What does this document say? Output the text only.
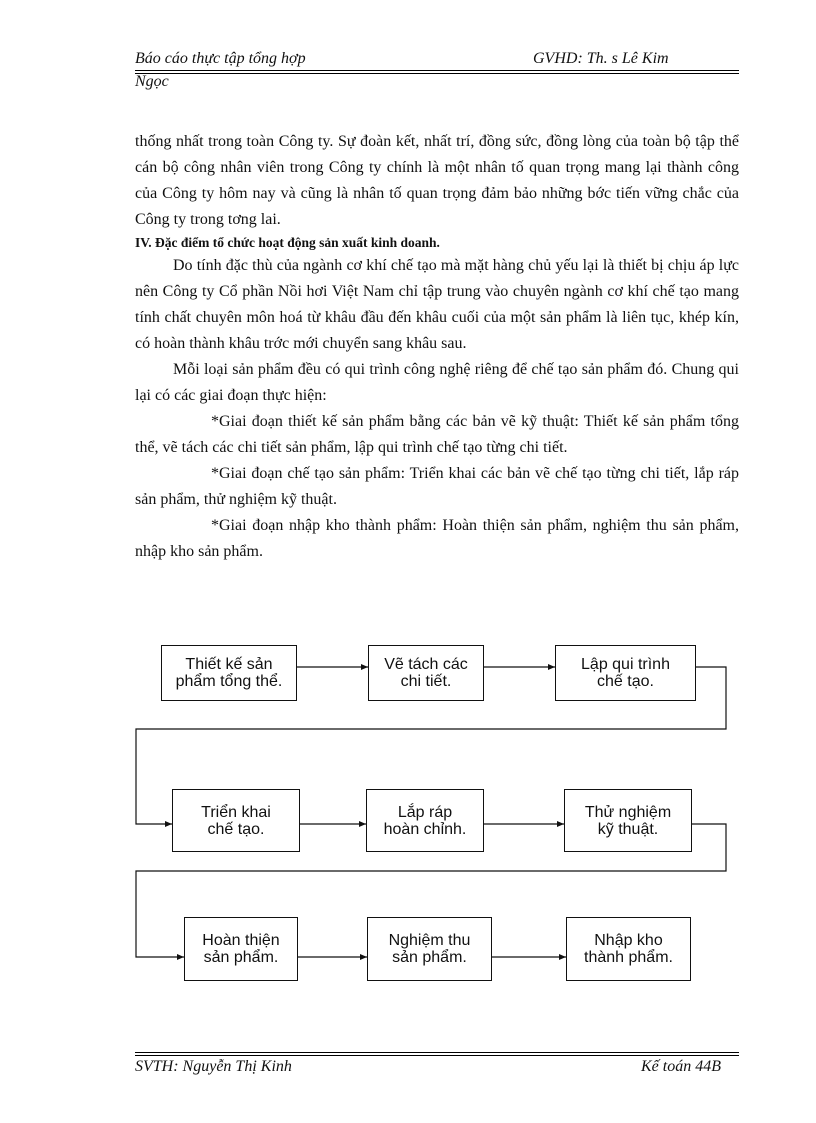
Báo cáo thực tập tổng hợp	GVHD: Th. s Lê Kim
Ngọc

thống nhất trong toàn Công ty. Sự đoàn kết, nhất trí, đồng sức, đồng lòng của toàn bộ tập thể cán bộ công nhân viên trong Công ty chính là một nhân tố quan trọng mang lại thành công của Công ty hôm nay và cũng là nhân tố quan trọng đảm bảo những bớc tiến vững chắc của Công ty trong tơng lai.

IV. Đặc điểm tổ chức hoạt động sản xuất kinh doanh.

Do tính đặc thù của ngành cơ khí chế tạo mà mặt hàng chủ yếu lại là thiết bị chịu áp lực nên Công ty Cổ phần Nồi hơi Việt Nam chỉ tập trung vào chuyên ngành cơ khí chế tạo mang tính chất chuyên môn hoá từ khâu đầu đến khâu cuối của một sản phẩm là liên tục, khép kín, có hoàn thành khâu trớc mới chuyển sang khâu sau.

Mỗi loại sản phẩm đều có qui trình công nghệ riêng để chế tạo sản phẩm đó. Chung qui lại có các giai đoạn thực hiện:

*Giai đoạn thiết kế sản phẩm bằng các bản vẽ kỹ thuật: Thiết kế sản phẩm tổng thể, vẽ tách các chi tiết sản phẩm, lập qui trình chế tạo từng chi tiết.

*Giai đoạn chế tạo sản phẩm: Triển khai các bản vẽ chế tạo từng chi tiết, lắp ráp sản phẩm, thử nghiệm kỹ thuật.

*Giai đoạn nhập kho thành phẩm: Hoàn thiện sản phẩm, nghiệm thu sản phẩm, nhập kho sản phẩm.

Thiết kế sản
phẩm tổng thể.
Vẽ tách các
chi tiết.
Lập qui trình
chế tạo.
Triển khai
chế tạo.
Lắp ráp
hoàn chỉnh.
Thử nghiệm
kỹ thuật.
Hoàn thiện
sản phẩm.
Nghiệm thu
sản phẩm.
Nhập kho
thành phẩm.
SVTH: Nguyễn Thị Kinh	Kế toán 44B
